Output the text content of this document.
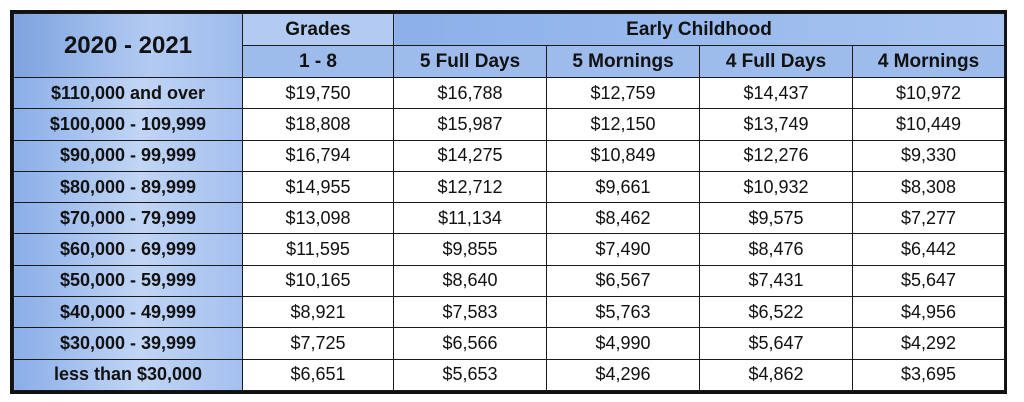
2020 - 2021	Grades	Early Childhood			
	1 - 8	5 Full Days	5 Mornings	4 Full Days	4 Mornings
$110,000 and over	$19,750	$16,788	$12,759	$14,437	$10,972
$100,000 - 109,999	$18,808	$15,987	$12,150	$13,749	$10,449
$90,000 - 99,999	$16,794	$14,275	$10,849	$12,276	$9,330
$80,000 - 89,999	$14,955	$12,712	$9,661	$10,932	$8,308
$70,000 - 79,999	$13,098	$11,134	$8,462	$9,575	$7,277
$60,000 - 69,999	$11,595	$9,855	$7,490	$8,476	$6,442
$50,000 - 59,999	$10,165	$8,640	$6,567	$7,431	$5,647
$40,000 - 49,999	$8,921	$7,583	$5,763	$6,522	$4,956
$30,000 - 39,999	$7,725	$6,566	$4,990	$5,647	$4,292
less than $30,000	$6,651	$5,653	$4,296	$4,862	$3,695
